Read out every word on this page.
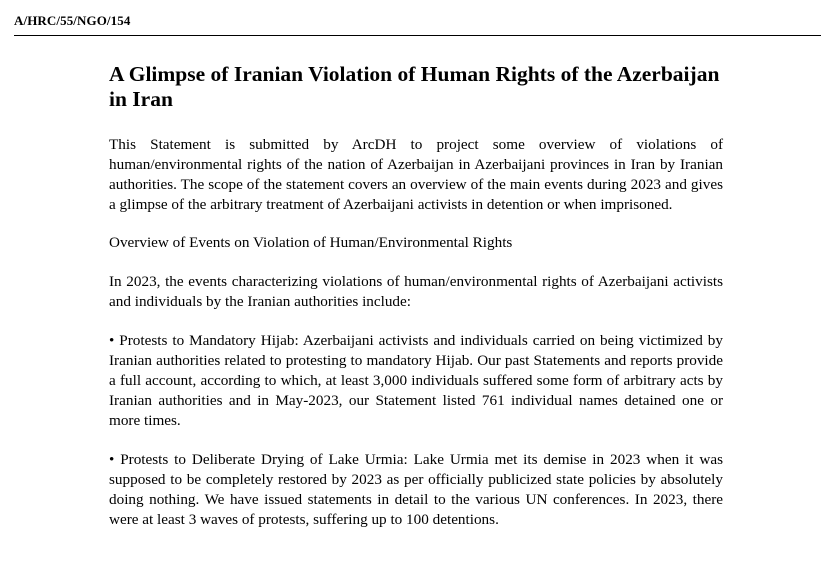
A/HRC/55/NGO/154
A Glimpse of Iranian Violation of Human Rights of the Azerbaijan in Iran

This Statement is submitted by ArcDH to project some overview of violations of human/environmental rights of the nation of Azerbaijan in Azerbaijani provinces in Iran by Iranian authorities. The scope of the statement covers an overview of the main events during 2023 and gives a glimpse of the arbitrary treatment of Azerbaijani activists in detention or when imprisoned.

Overview of Events on Violation of Human/Environmental Rights

In 2023, the events characterizing violations of human/environmental rights of Azerbaijani activists and individuals by the Iranian authorities include:

• Protests to Mandatory Hijab: Azerbaijani activists and individuals carried on being victimized by Iranian authorities related to protesting to mandatory Hijab. Our past Statements and reports provide a full account, according to which, at least 3,000 individuals suffered some form of arbitrary acts by Iranian authorities and in May-2023, our Statement listed 761 individual names detained one or more times.

• Protests to Deliberate Drying of Lake Urmia: Lake Urmia met its demise in 2023 when it was supposed to be completely restored by 2023 as per officially publicized state policies by absolutely doing nothing. We have issued statements in detail to the various UN conferences. In 2023, there were at least 3 waves of protests, suffering up to 100 detentions.
